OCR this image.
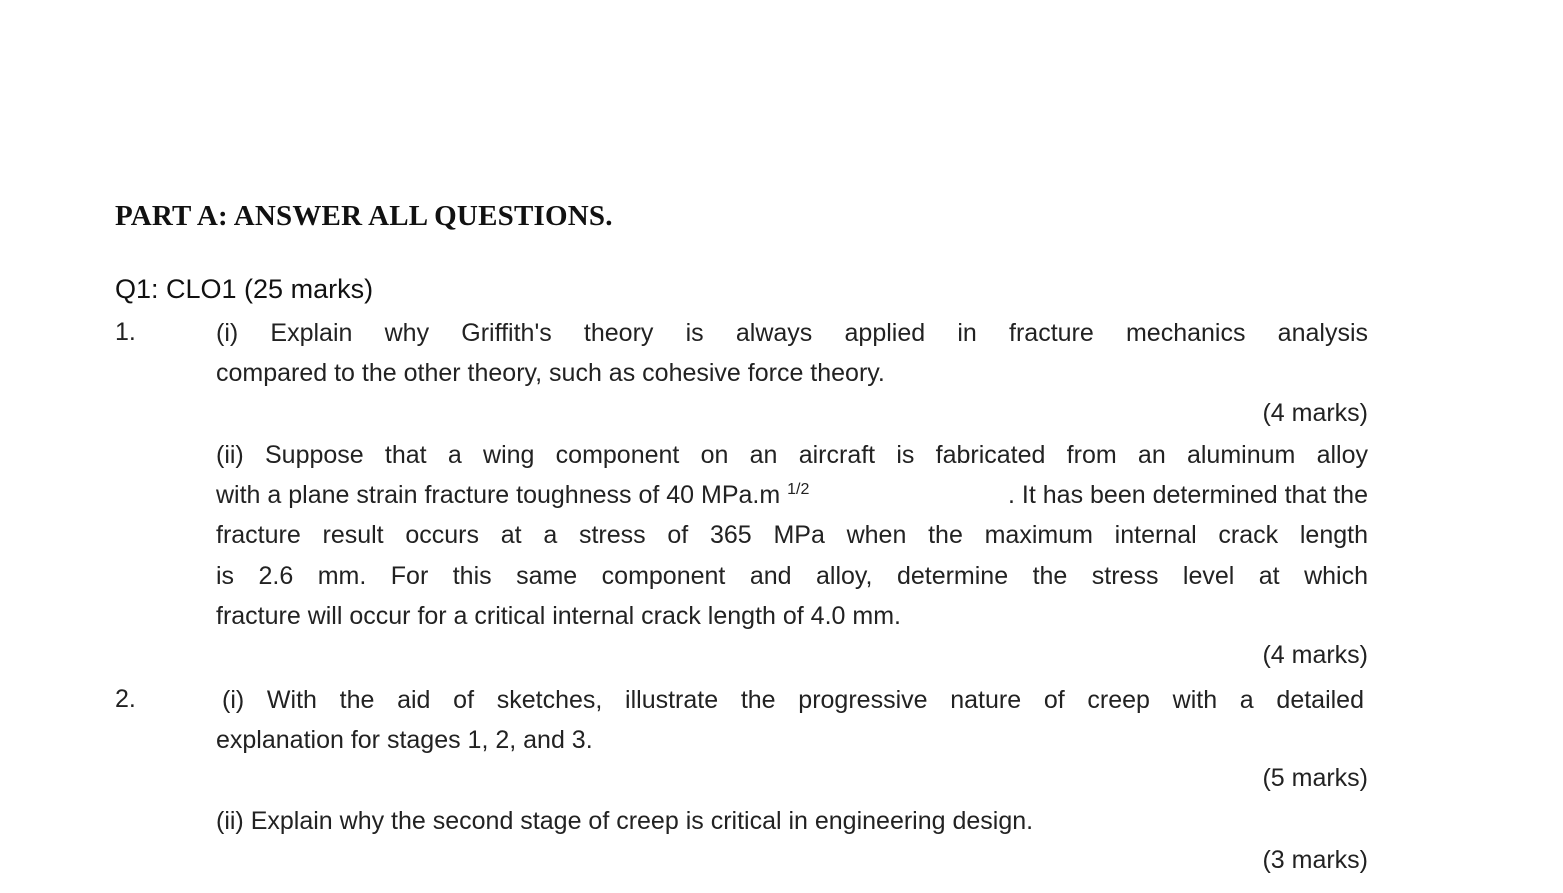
PART A: ANSWER ALL QUESTIONS.
Q1: CLO1 (25 marks)
1.	(i) Explain why Griffith's theory is always applied in fracture mechanics analysis
compared to the other theory, such as cohesive force theory.
(4 marks)
(ii) Suppose that a wing component on an aircraft is fabricated from an aluminum alloy
with a plane strain fracture toughness of 40 MPa.m $^{1/2}$	. It has been determined that the
fracture result occurs at a stress of 365 MPa when the maximum internal crack length
is 2.6 mm. For this same component and alloy, determine the stress level at which
fracture will occur for a critical internal crack length of 4.0 mm.
(4 marks)
2.	(i) With the aid of sketches, illustrate the progressive nature of creep with a detailed
explanation for stages 1, 2, and 3.
(5 marks)
(ii) Explain why the second stage of creep is critical in engineering design.
(3 marks)
